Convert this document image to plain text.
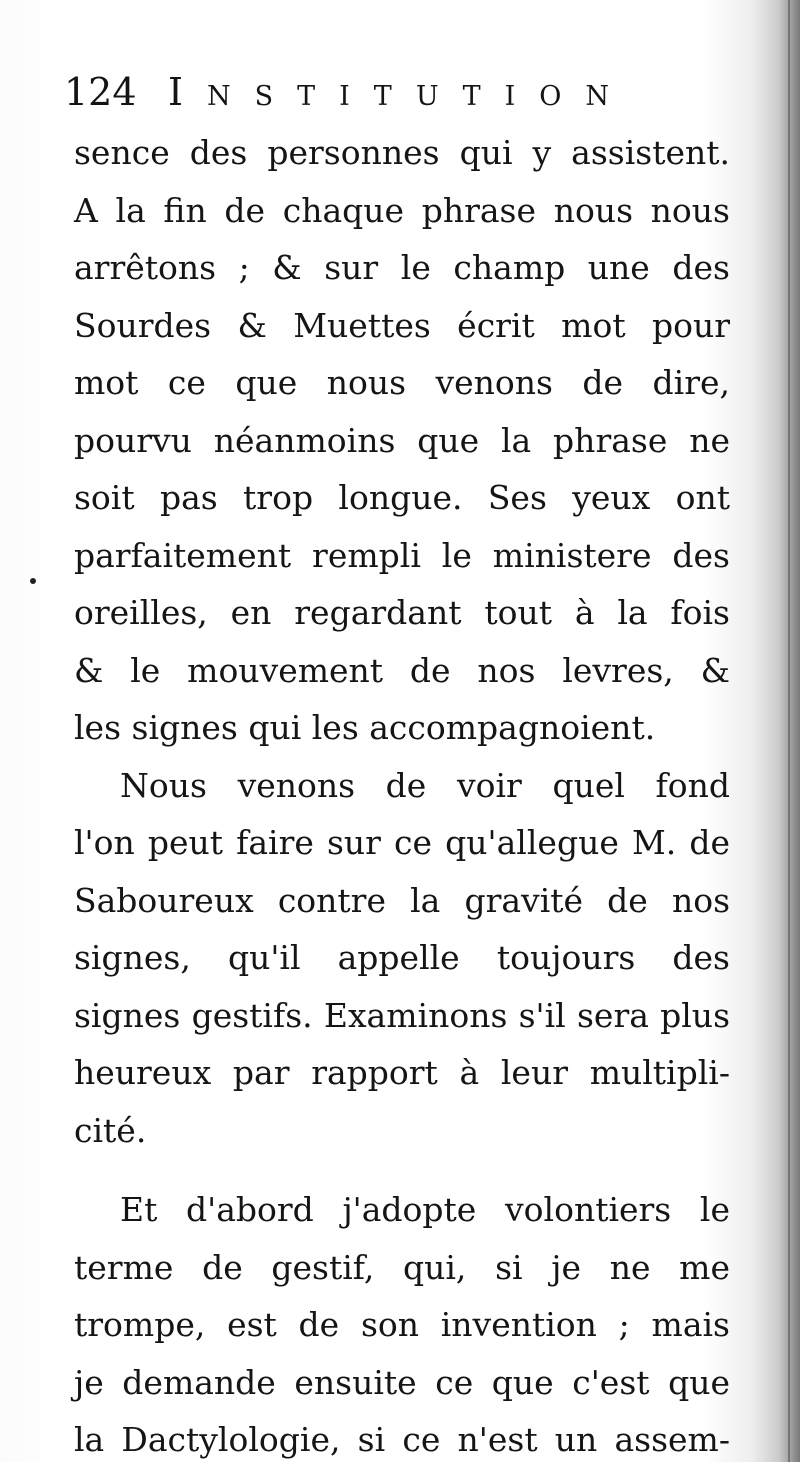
124 Institution
sence des personnes qui y assistent.
A la fin de chaque phrase nous nous
arrêtons ; & sur le champ une des
Sourdes & Muettes écrit mot pour
mot ce que nous venons de dire,
pourvu néanmoins que la phrase ne
soit pas trop longue. Ses yeux ont
parfaitement rempli le ministere des
oreilles, en regardant tout à la fois
& le mouvement de nos levres, &
les signes qui les accompagnoient.
Nous venons de voir quel fond
l'on peut faire sur ce qu'allegue M. de
Saboureux contre la gravité de nos
signes, qu'il appelle toujours des
signes gestifs. Examinons s'il sera plus
heureux par rapport à leur multipli-
cité.
Et d'abord j'adopte volontiers le
terme de gestif, qui, si je ne me
trompe, est de son invention ; mais
je demande ensuite ce que c'est que
la Dactylologie, si ce n'est un assem-
